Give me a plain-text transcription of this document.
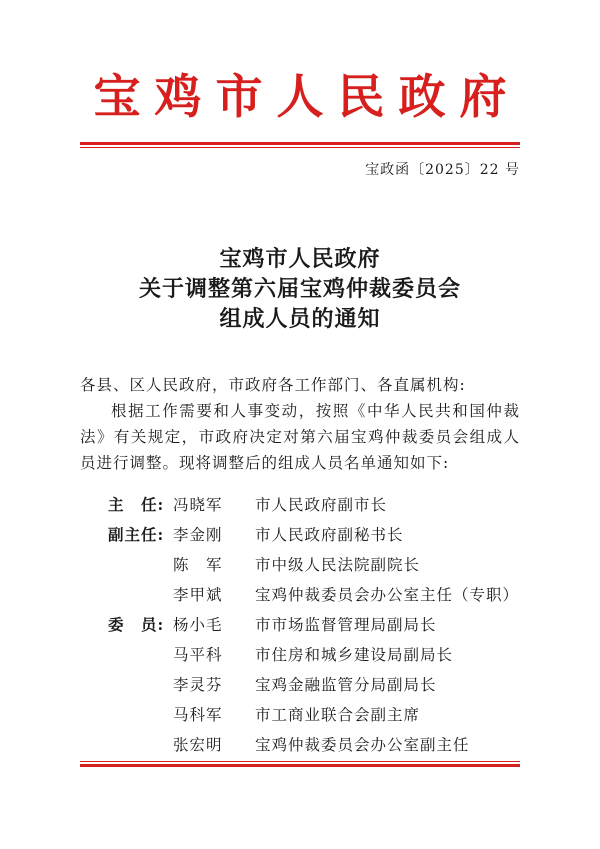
宝鸡市人民政府
宝政函〔2025〕22 号
宝鸡市人民政府
关于调整第六届宝鸡仲裁委员会
组成人员的通知

各县、区人民政府，市政府各工作部门、各直属机构:

根据工作需要和人事变动，按照《中华人民共和国仲裁法》有关规定，市政府决定对第六届宝鸡仲裁委员会组成人员进行调整。现将调整后的组成人员名单通知如下:

主　任: 冯晓军	市人民政府副市长
副主任: 李金刚	市人民政府副秘书长
陈　军	市中级人民法院副院长
李甲斌	宝鸡仲裁委员会办公室主任（专职）
委　员: 杨小毛	市市场监督管理局副局长
马平科	市住房和城乡建设局副局长
李灵芬	宝鸡金融监管分局副局长
马科军	市工商业联合会副主席
张宏明	宝鸡仲裁委员会办公室副主任
